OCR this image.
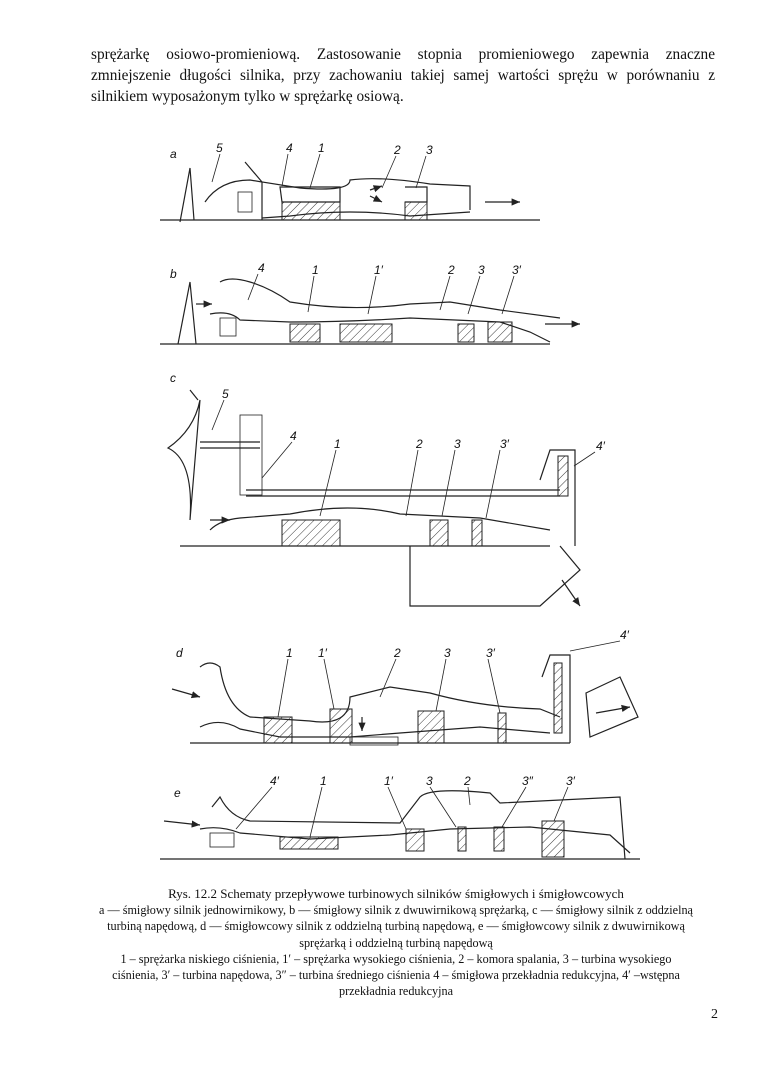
sprężarkę osiowo-promieniową. Zastosowanie stopnia promieniowego zapewnia znaczne
zmniejszenie długości silnika, przy zachowaniu takiej samej wartości sprężu w porównaniu z
silnikiem wyposażonym tylko w sprężarkę osiową.

a	5	4 1	2 3
b	4	1	1′	2 3 3′
c
5
4
1	2	3	3′	4′
d	1 1′	2	3	3′
4′
e
4′	1	1′	3	2	3″	3′
Rys. 12.2 Schematy przepływowe turbinowych silników śmigłowych i śmigłowcowych
a — śmigłowy silnik jednowirnikowy, b — śmigłowy silnik z dwuwirnikową sprężarką, c — śmigłowy silnik z oddzielną
turbiną napędową, d — śmigłowcowy silnik z oddzielną turbiną napędową, e — śmigłowcowy silnik z dwuwirnikową
sprężarką i oddzielną turbiną napędową
1 – sprężarka niskiego ciśnienia, 1′ – sprężarka wysokiego ciśnienia, 2 – komora spalania, 3 – turbina wysokiego
ciśnienia, 3′ – turbina napędowa, 3″ – turbina średniego ciśnienia 4 – śmigłowa przekładnia redukcyjna, 4′ –wstępna
przekładnia redukcyjna
2
